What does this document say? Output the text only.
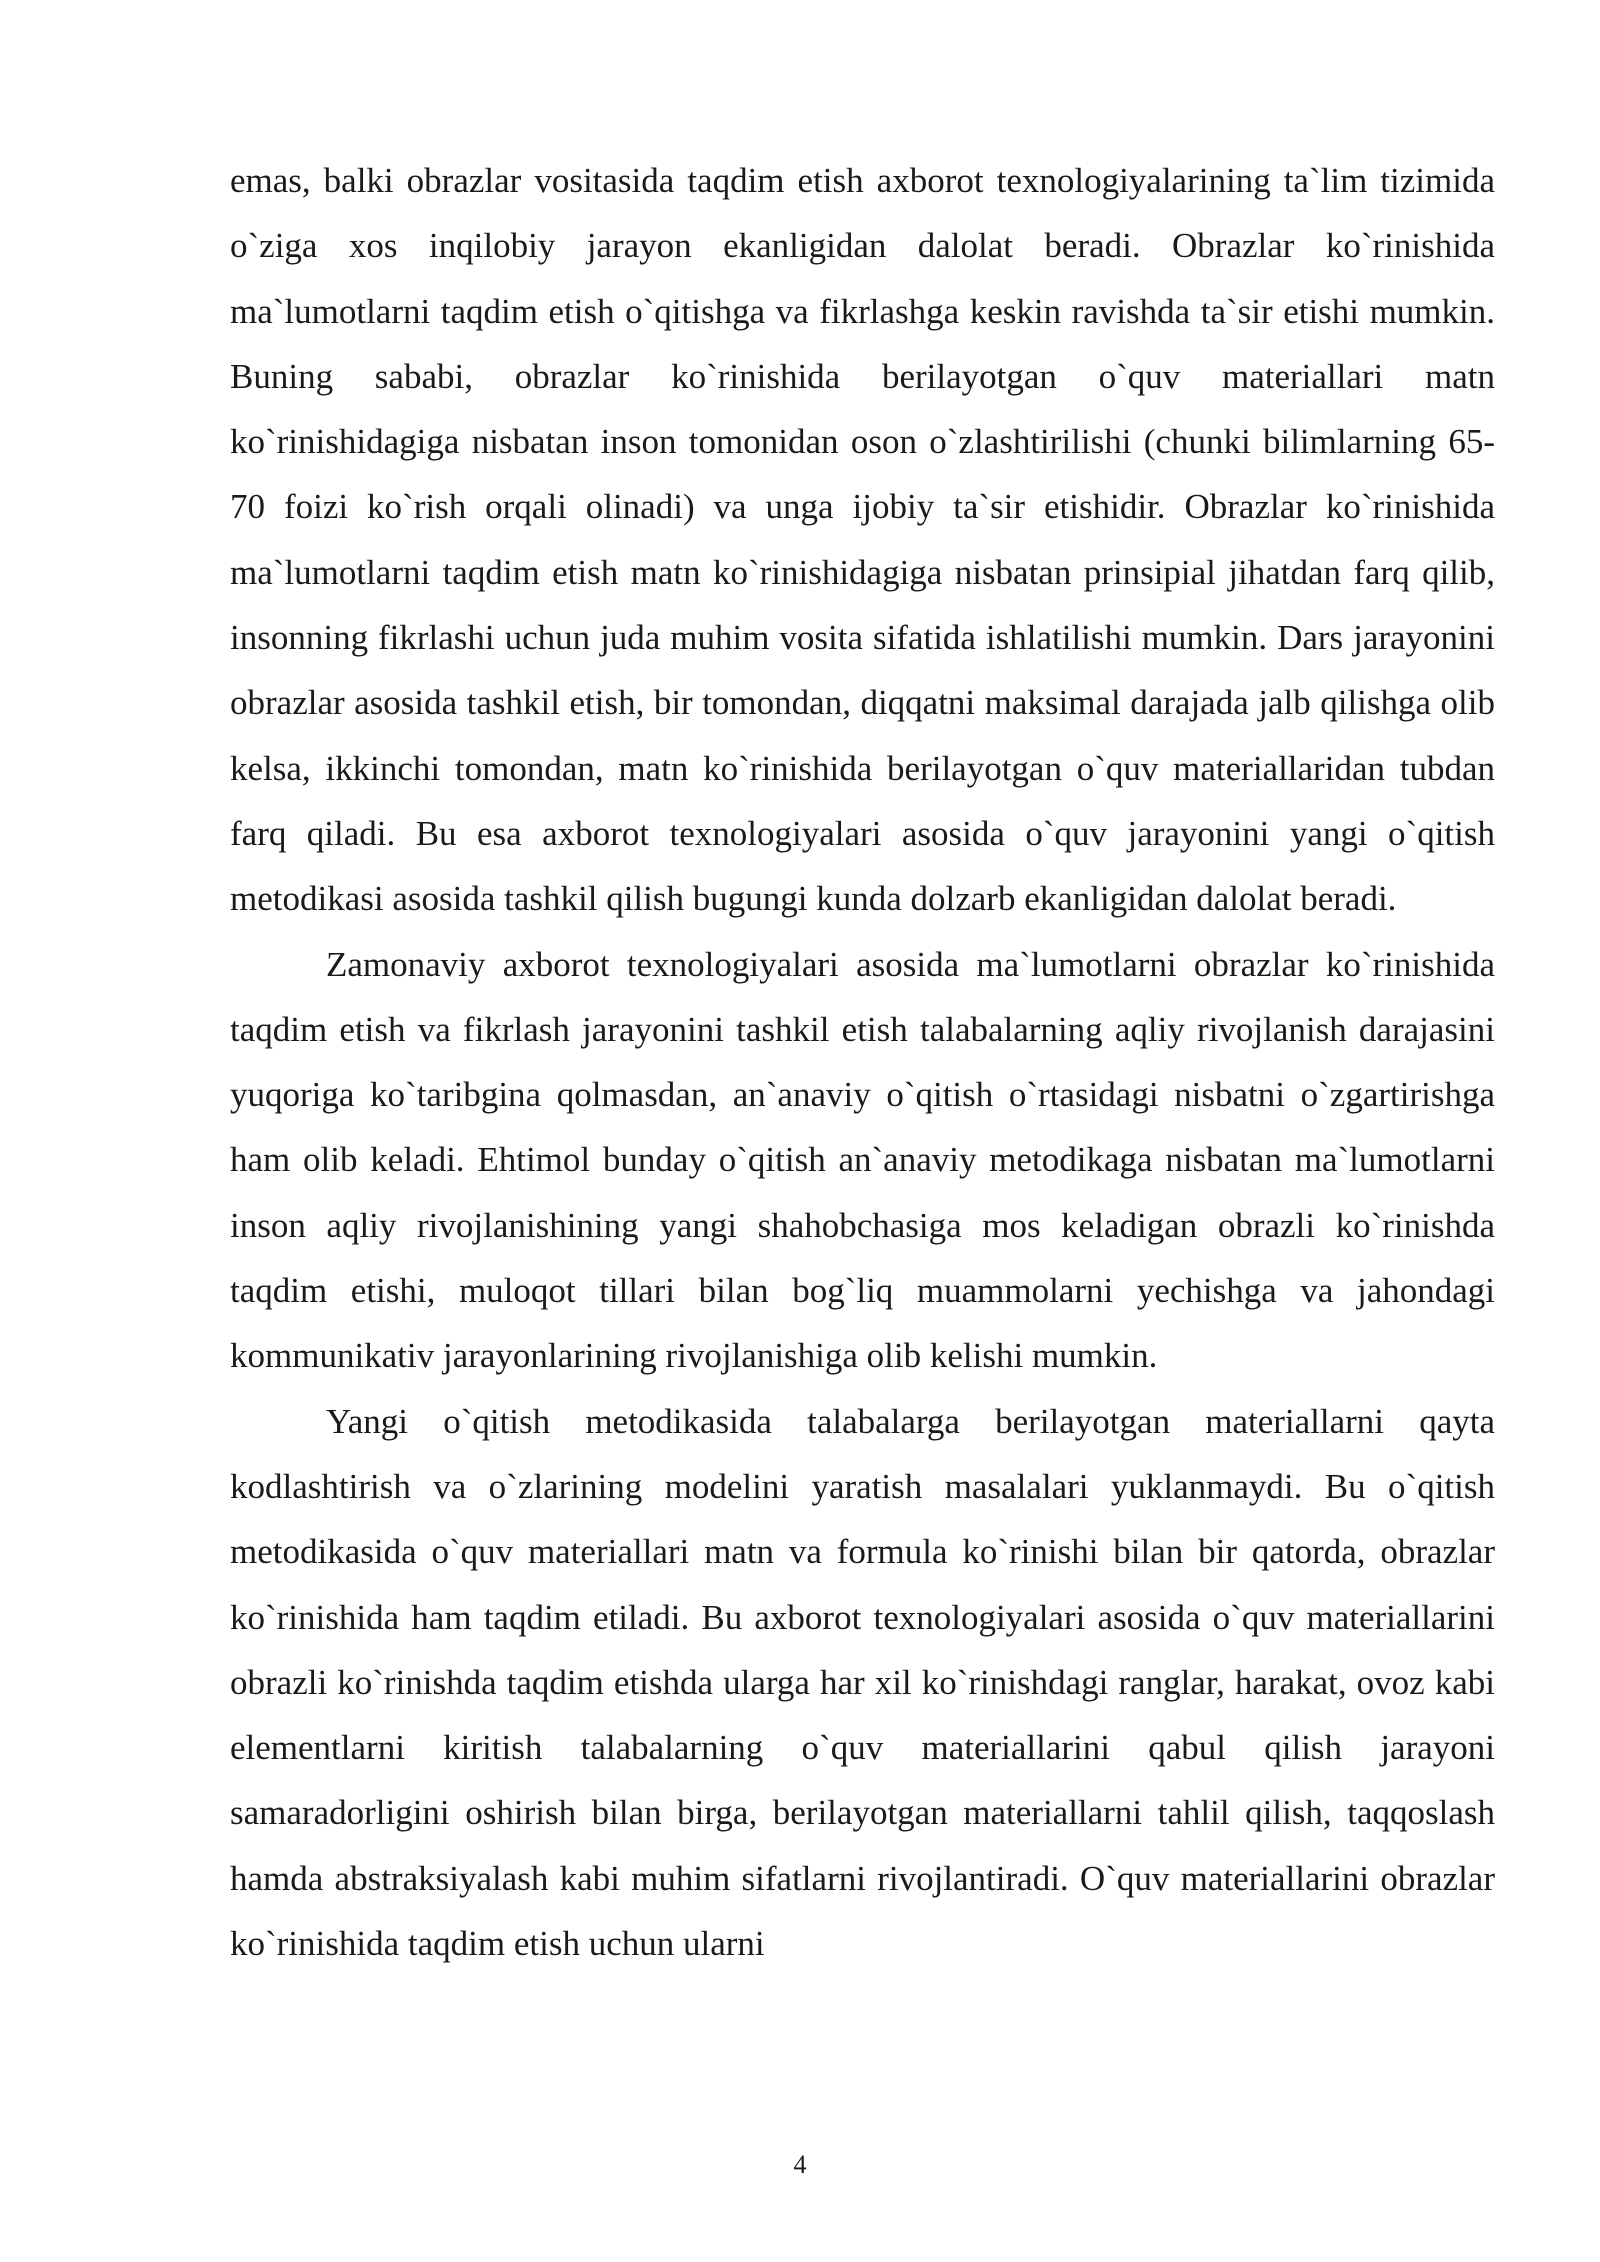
emas, balki obrazlar vositasida taqdim etish axborot texnologiyalarining ta`lim tizimida o`ziga xos inqilobiy jarayon ekanligidan dalolat beradi. Obrazlar ko`rinishida ma`lumotlarni taqdim etish o`qitishga va fikrlashga keskin ravishda ta`sir etishi mumkin. Buning sababi, obrazlar ko`rinishida berilayotgan o`quv materiallari matn ko`rinishidagiga nisbatan inson tomonidan oson o`zlashtirilishi (chunki bilimlarning 65-70 foizi ko`rish orqali olinadi) va unga ijobiy ta`sir etishidir. Obrazlar ko`rinishida ma`lumotlarni taqdim etish matn ko`rinishidagiga nisbatan prinsipial jihatdan farq qilib, insonning fikrlashi uchun juda muhim vosita sifatida ishlatilishi mumkin. Dars jarayonini obrazlar asosida tashkil etish, bir tomondan, diqqatni maksimal darajada jalb qilishga olib kelsa, ikkinchi tomondan, matn ko`rinishida berilayotgan o`quv materiallaridan tubdan farq qiladi. Bu esa axborot texnologiyalari asosida o`quv jarayonini yangi o`qitish metodikasi asosida tashkil qilish bugungi kunda dolzarb ekanligidan dalolat beradi.

Zamonaviy axborot texnologiyalari asosida ma`lumotlarni obrazlar ko`rinishida taqdim etish va fikrlash jarayonini tashkil etish talabalarning aqliy rivojlanish darajasini yuqoriga ko`taribgina qolmasdan, an`anaviy o`qitish o`rtasidagi nisbatni o`zgartirishga ham olib keladi. Ehtimol bunday o`qitish an`anaviy metodikaga nisbatan ma`lumotlarni inson aqliy rivojlanishining yangi shahobchasiga mos keladigan obrazli ko`rinishda taqdim etishi, muloqot tillari bilan bog`liq muammolarni yechishga va jahondagi kommunikativ jarayonlarining rivojlanishiga olib kelishi mumkin.

Yangi o`qitish metodikasida talabalarga berilayotgan materiallarni qayta kodlashtirish va o`zlarining modelini yaratish masalalari yuklanmaydi. Bu o`qitish metodikasida o`quv materiallari matn va formula ko`rinishi bilan bir qatorda, obrazlar ko`rinishida ham taqdim etiladi. Bu axborot texnologiyalari asosida o`quv materiallarini obrazli ko`rinishda taqdim etishda ularga har xil ko`rinishdagi ranglar, harakat, ovoz kabi elementlarni kiritish talabalarning o`quv materiallarini qabul qilish jarayoni samaradorligini oshirish bilan birga, berilayotgan materiallarni tahlil qilish, taqqoslash hamda abstraksiyalash kabi muhim sifatlarni rivojlantiradi. O`quv materiallarini obrazlar ko`rinishida taqdim etish uchun ularni

4
